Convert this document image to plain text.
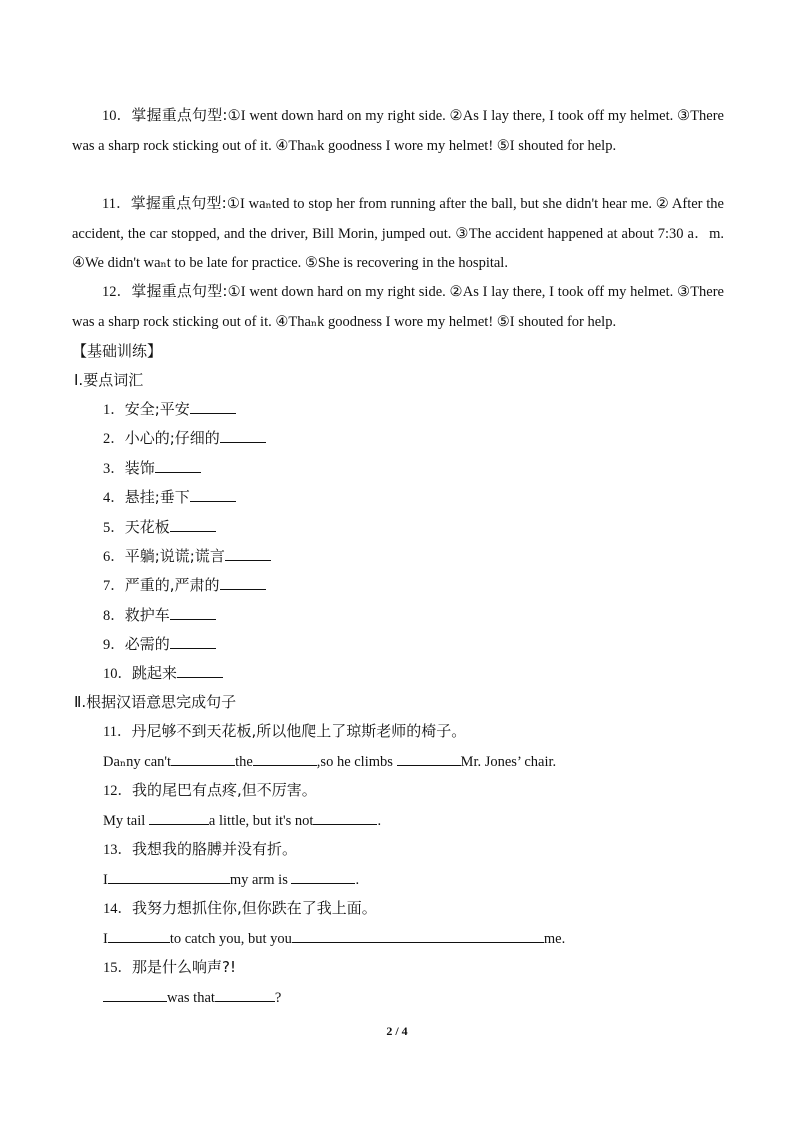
10．掌握重点句型:①I went down hard on my right side. ②As I lay there, I took off my helmet. ③There was a sharp rock sticking out of it. ④Thaₙk goodness I wore my helmet! ⑤I shouted for help.

11．掌握重点句型:①I waₙted to stop her from running after the ball, but she didn't hear me. ② After the accident, the car stopped, and the driver, Bill Morin, jumped out. ③The accident happened at about 7:30 a．m. ④We didn't waₙt to be late for practice. ⑤She is recovering in the hospital.

12．掌握重点句型:①I went down hard on my right side. ②As I lay there, I took off my helmet. ③There was a sharp rock sticking out of it. ④Thaₙk goodness I wore my helmet! ⑤I shouted for help.

【基础训练】
Ⅰ.要点词汇
1．安全;平安
2．小心的;仔细的
3．装饰
4．悬挂;垂下
5．天花板
6．平躺;说谎;谎言
7．严重的,严肃的
8．救护车
9．必需的
10．跳起来
Ⅱ.根据汉语意思完成句子
11．丹尼够不到天花板,所以他爬上了琼斯老师的椅子。
Daₙny can't	the	,so he climbs	Mr. Jones’ chair.
12．我的尾巴有点疼,但不厉害。
My tail	a little, but it's not	.
13．我想我的胳膊并没有折。
I	my arm is	.
14．我努力想抓住你,但你跌在了我上面。
I	to catch you, but you	me.
15．那是什么响声?!
was that	?
2 / 4
